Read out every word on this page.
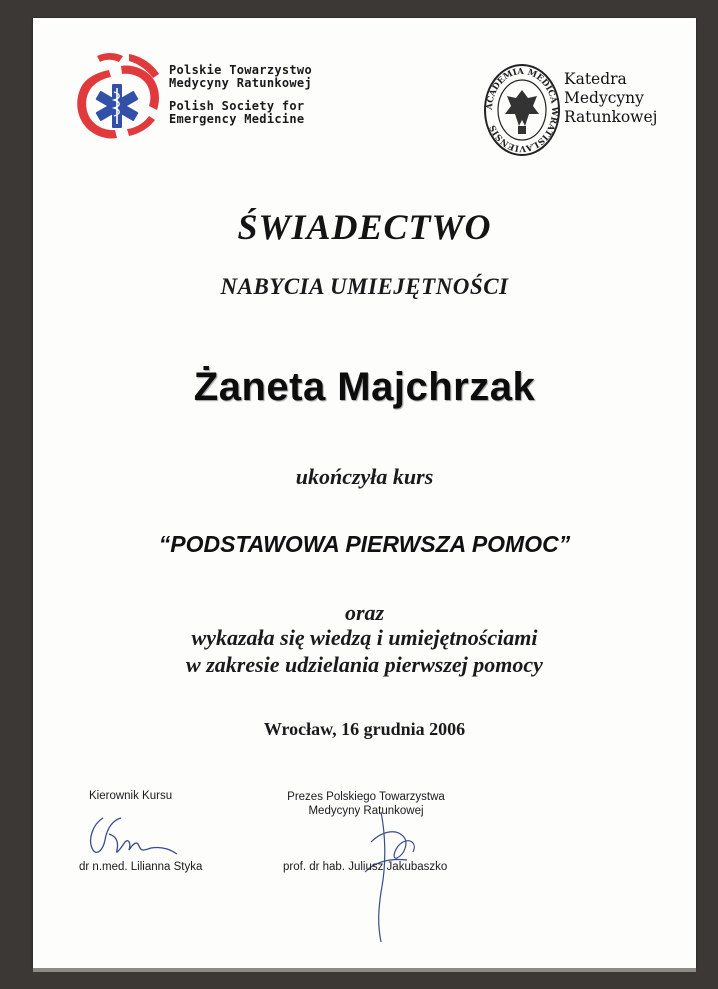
Polskie Towarzystwo
Medycyny Ratunkowej
Polish Society for
Emergency Medicine
ACADEMIA MEDICA WRATISLAVIENSIS
Katedra
Medycyny
Ratunkowej
ŚWIADECTWO
NABYCIA UMIEJĘTNOŚCI
Żaneta Majchrzak
ukończyła kurs
“PODSTAWOWA PIERWSZA POMOC”
oraz
wykazała się wiedzą i umiejętnościami
w zakresie udzielania pierwszej pomocy
Wrocław, 16 grudnia 2006
Kierownik Kursu
dr n.med. Lilianna Styka
Prezes Polskiego Towarzystwa
Medycyny Ratunkowej
prof. dr hab. Juliusz Jakubaszko
